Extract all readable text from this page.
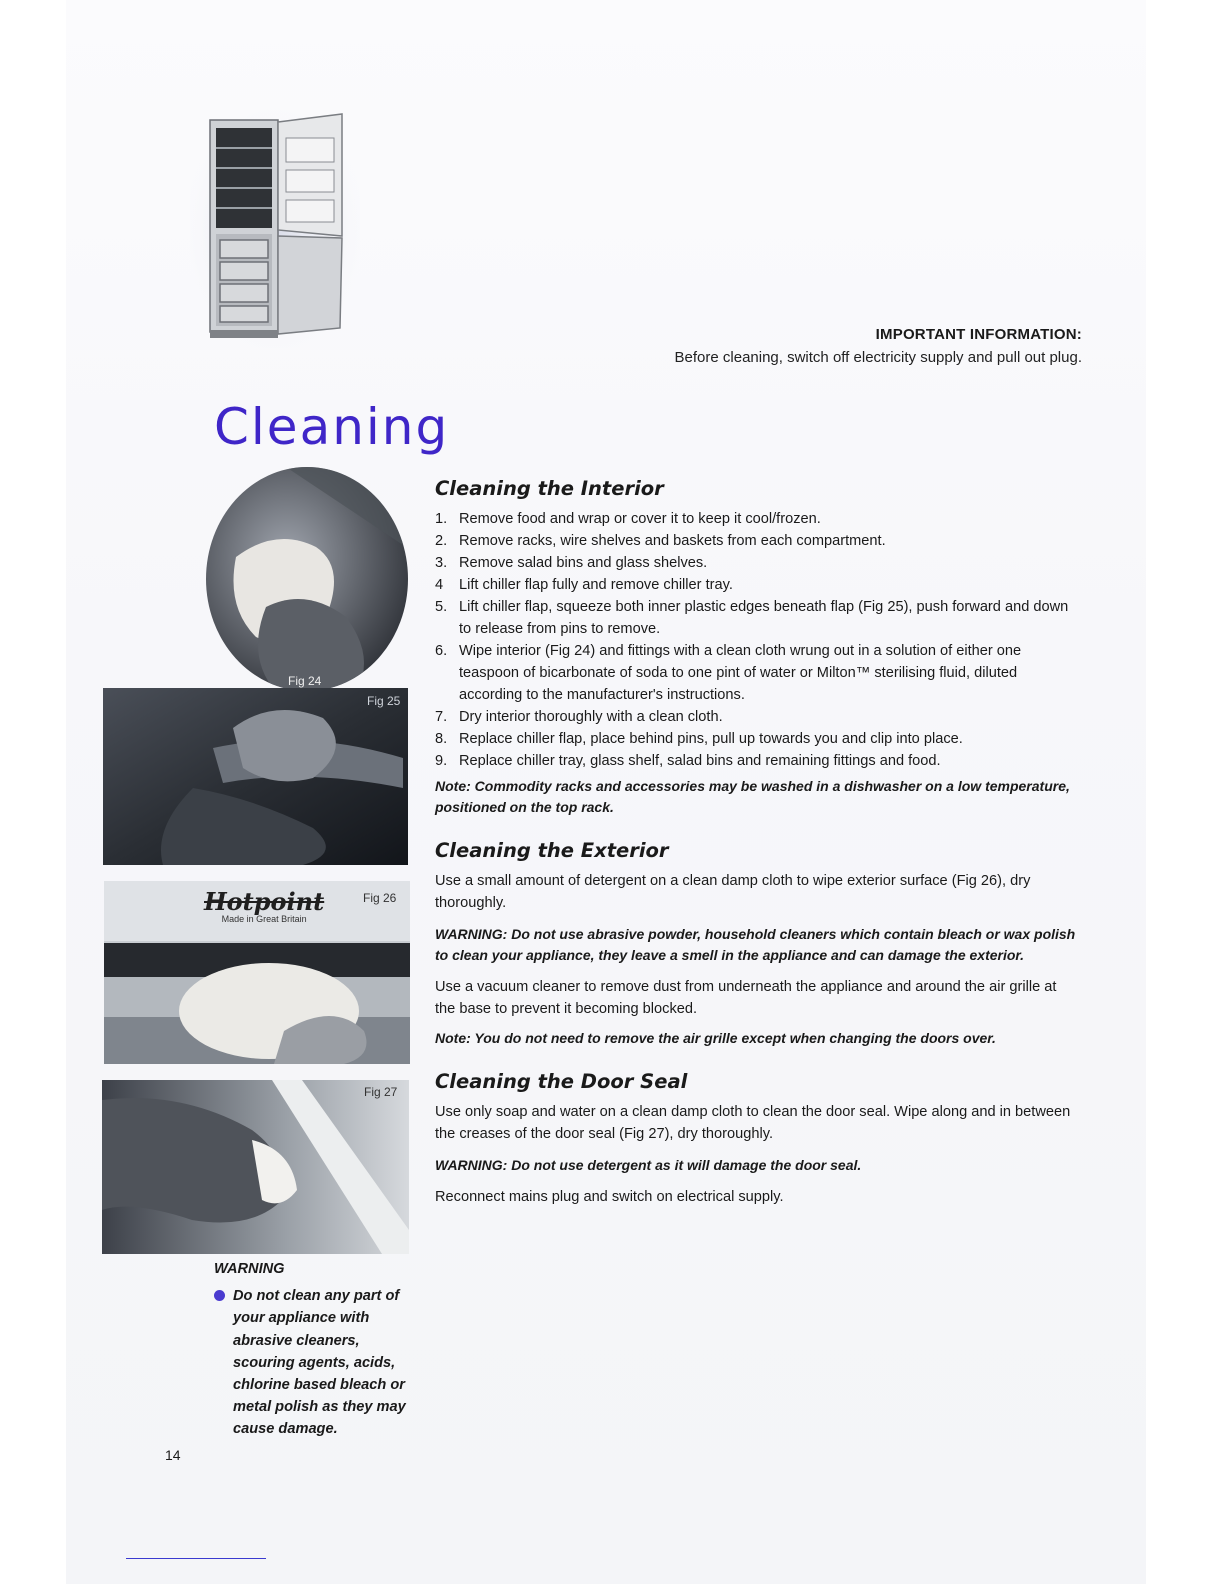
IMPORTANT INFORMATION:
Before cleaning, switch off electricity supply and pull out plug.
Cleaning
Fig 24
Fig 25
Hotpoint
Made in Great Britain
Fig 26
Fig 27
Cleaning the Interior
1. Remove food and wrap or cover it to keep it cool/frozen.
2. Remove racks, wire shelves and baskets from each compartment.
3. Remove salad bins and glass shelves.
4	Lift chiller flap fully and remove chiller tray.
5. Lift chiller flap, squeeze both inner plastic edges beneath flap (Fig 25), push forward and down to release from pins to remove.
6. Wipe interior (Fig 24) and fittings with a clean cloth wrung out in a solution of either one teaspoon of bicarbonate of soda to one pint of water or Milton™ sterilising fluid, diluted according to the manufacturer's instructions.
7. Dry interior thoroughly with a clean cloth.
8. Replace chiller flap, place behind pins, pull up towards you and clip into place.
9. Replace chiller tray, glass shelf, salad bins and remaining fittings and food.

Note: Commodity racks and accessories may be washed in a dishwasher on a low temperature, positioned on the top rack.

Cleaning the Exterior

Use a small amount of detergent on a clean damp cloth to wipe exterior surface (Fig 26), dry thoroughly.

WARNING: Do not use abrasive powder, household cleaners which contain bleach or wax polish to clean your appliance, they leave a smell in the appliance and can damage the exterior.

Use a vacuum cleaner to remove dust from underneath the appliance and around the air grille at the base to prevent it becoming blocked.

Note: You do not need to remove the air grille except when changing the doors over.

Cleaning the Door Seal

Use only soap and water on a clean damp cloth to clean the door seal. Wipe along and in between the creases of the door seal (Fig 27), dry thoroughly.

WARNING: Do not use detergent as it will damage the door seal.

Reconnect mains plug and switch on electrical supply.

WARNING
Do not clean any part of your appliance with abrasive cleaners, scouring agents, acids, chlorine based bleach or metal polish as they may cause damage.
14
